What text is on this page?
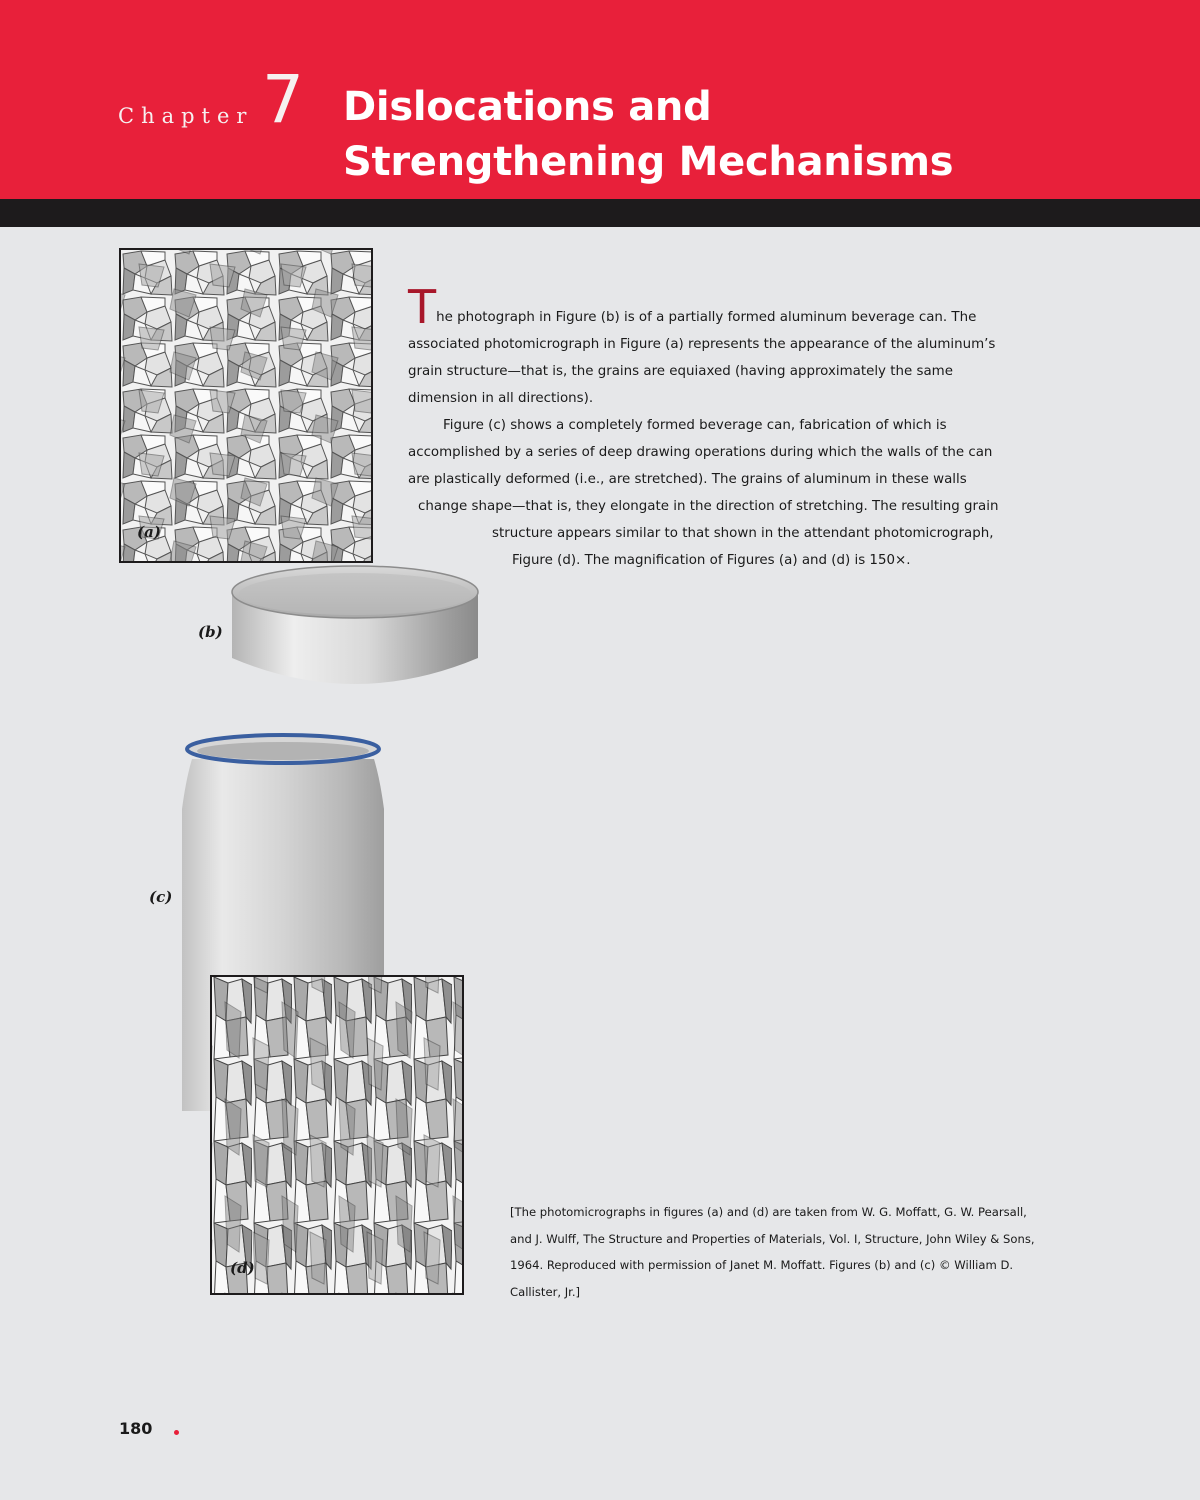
Chapter 7 Dislocations and
Strengthening Mechanisms
(a)
(b)
(c)
(d)
The photograph in Figure (b) is of a partially formed aluminum beverage can. The
associated photomicrograph in Figure (a) represents the appearance of the aluminum’s
grain structure—that is, the grains are equiaxed (having approximately the same
dimension in all directions).
Figure (c) shows a completely formed beverage can, fabrication of which is
accomplished by a series of deep drawing operations during which the walls of the can
are plastically deformed (i.e., are stretched). The grains of aluminum in these walls
change shape—that is, they elongate in the direction of stretching. The resulting grain
structure appears similar to that shown in the attendant photomicrograph,
Figure (d). The magnification of Figures (a) and (d) is 150×.
[The photomicrographs in figures (a) and (d) are taken from W. G. Moffatt, G. W. Pearsall,
and J. Wulff, The Structure and Properties of Materials, Vol. I, Structure, John Wiley & Sons,
1964. Reproduced with permission of Janet M. Moffatt. Figures (b) and (c) © William D.
Callister, Jr.]
180
